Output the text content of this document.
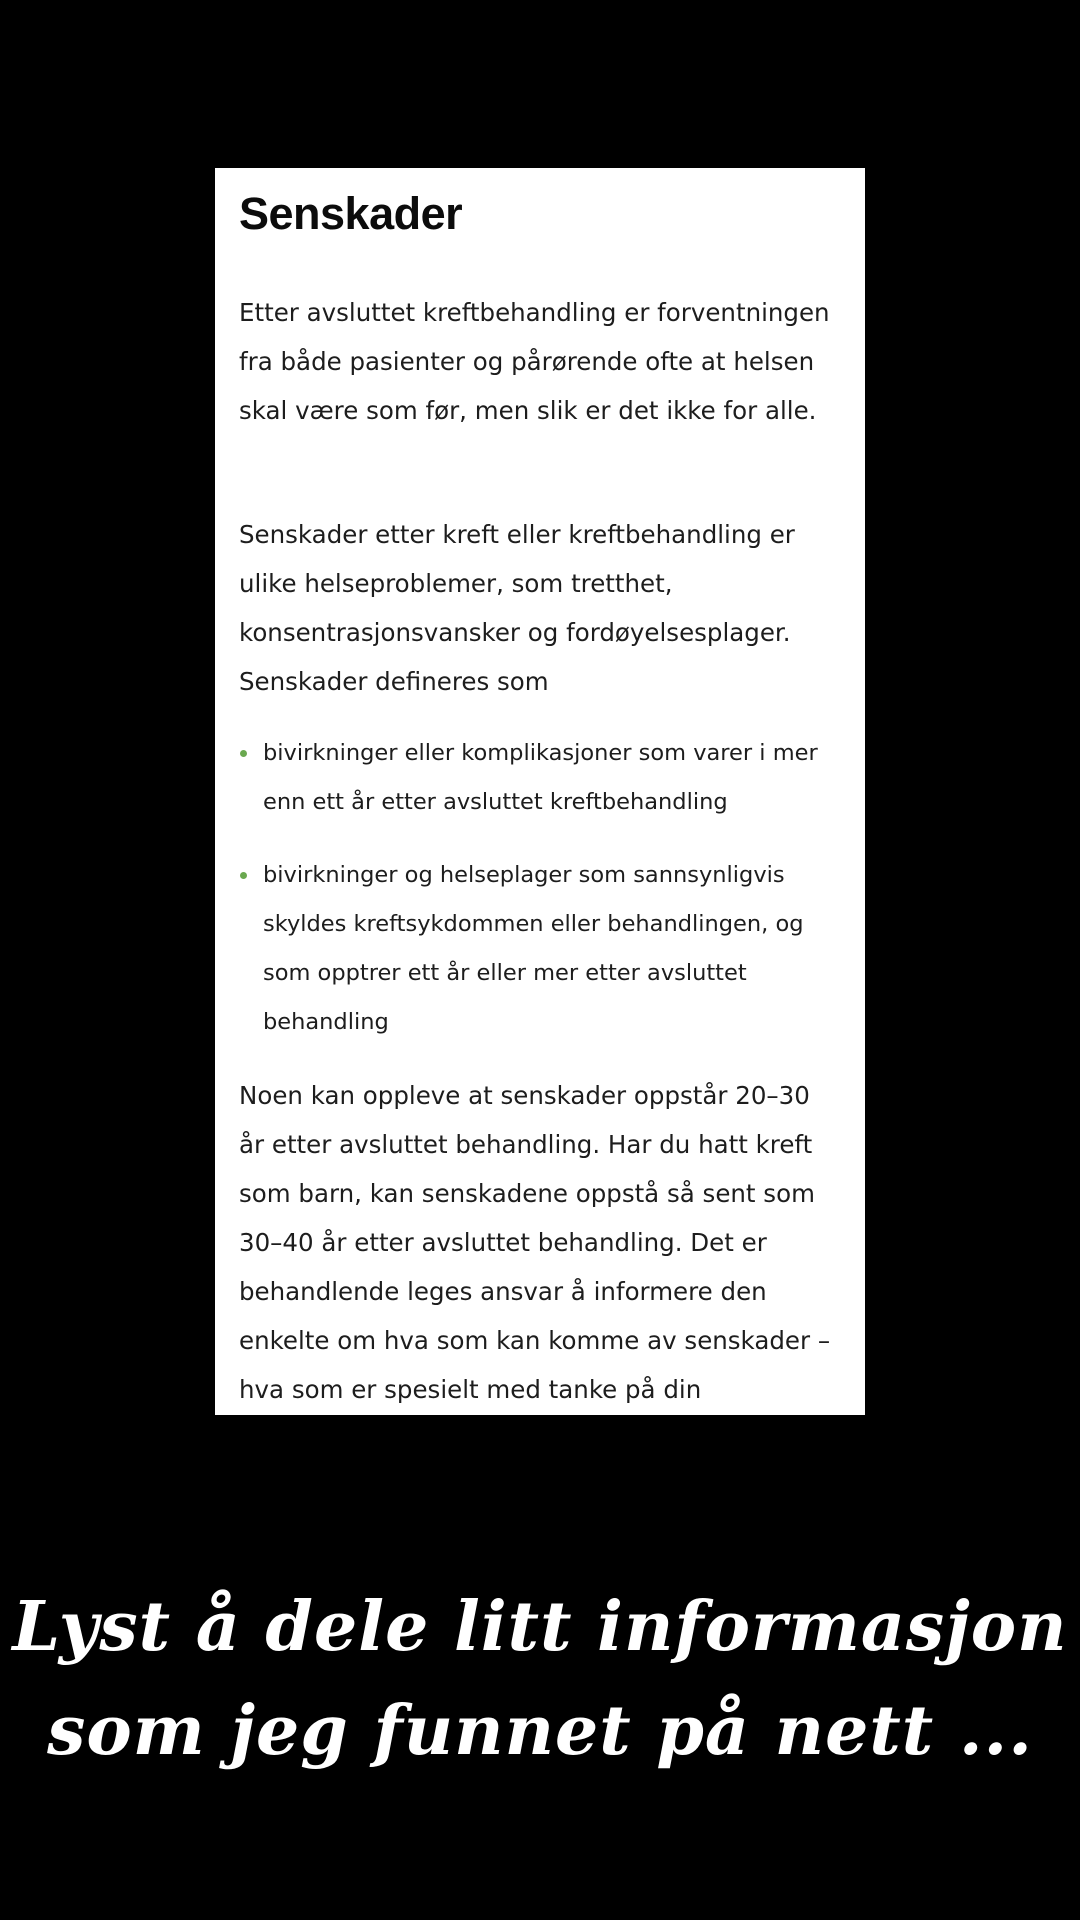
Senskader

Etter avsluttet kreftbehandling er forventningen fra både pasienter og pårørende ofte at helsen skal være som før, men slik er det ikke for alle.

Senskader etter kreft eller kreftbehandling er ulike helseproblemer, som tretthet, konsentrasjonsvansker og fordøyelsesplager. Senskader defineres som

bivirkninger eller komplikasjoner som varer i mer enn ett år etter avsluttet kreftbehandling
bivirkninger og helseplager som sannsynligvis skyldes kreftsykdommen eller behandlingen, og som opptrer ett år eller mer etter avsluttet behandling

Noen kan oppleve at senskader oppstår 20–30 år etter avsluttet behandling. Har du hatt kreft som barn, kan senskadene oppstå så sent som 30–40 år etter avsluttet behandling. Det er behandlende leges ansvar å informere den enkelte om hva som kan komme av senskader – hva som er spesielt med tanke på din

Lyst å dele litt informasjon
som jeg funnet på nett ...
